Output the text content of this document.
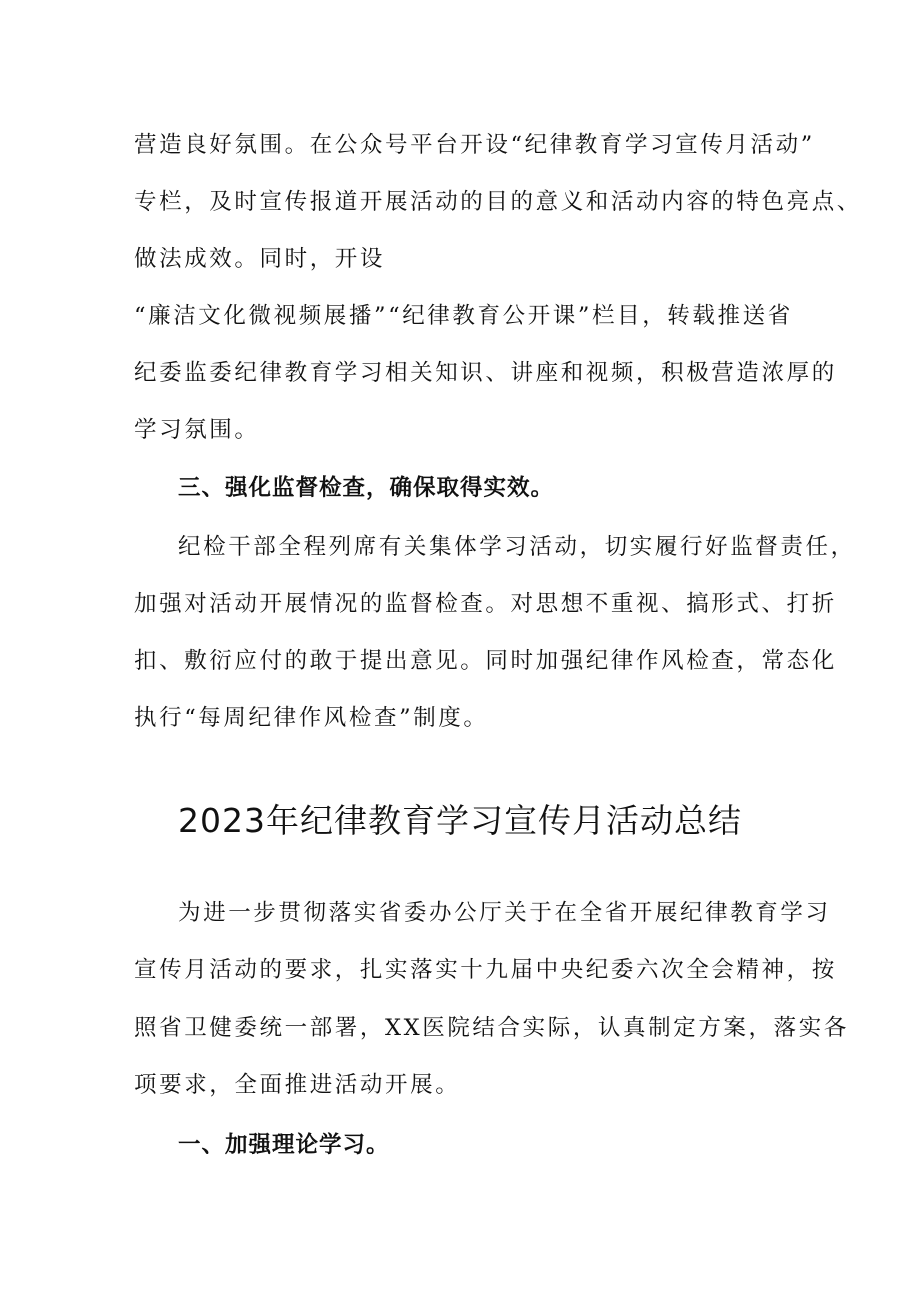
营造良好氛围。在公众号平台开设“纪律教育学习宣传月活动”
专栏，及时宣传报道开展活动的目的意义和活动内容的特色亮点、
做法成效。同时，开设
“廉洁文化微视频展播”“纪律教育公开课”栏目，转载推送省
纪委监委纪律教育学习相关知识、讲座和视频，积极营造浓厚的
学习氛围。
三、强化监督检查，确保取得实效。
纪检干部全程列席有关集体学习活动，切实履行好监督责任，
加强对活动开展情况的监督检查。对思想不重视、搞形式、打折
扣、敷衍应付的敢于提出意见。同时加强纪律作风检查，常态化
执行“每周纪律作风检查”制度。
2023年纪律教育学习宣传月活动总结
为进一步贯彻落实省委办公厅关于在全省开展纪律教育学习
宣传月活动的要求，扎实落实十九届中央纪委六次全会精神，按
照省卫健委统一部署，XX医院结合实际，认真制定方案，落实各
项要求，全面推进活动开展。
一、加强理论学习。
